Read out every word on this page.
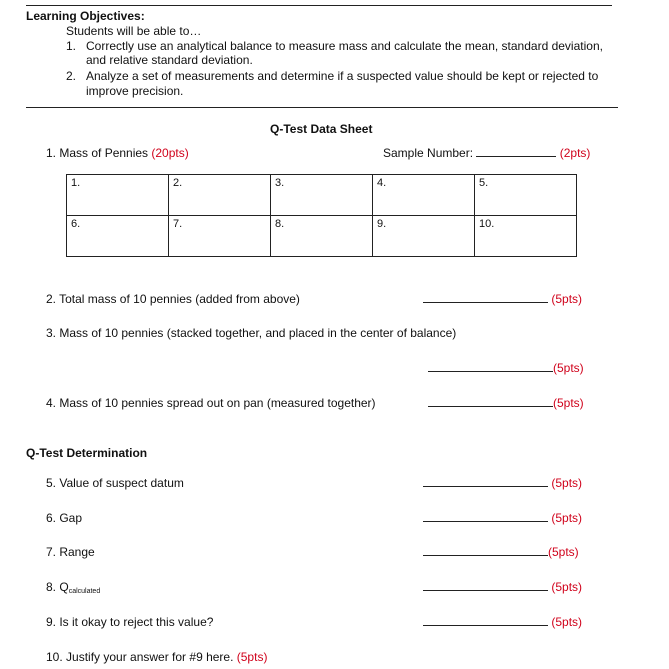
Learning Objectives:
Students will be able to…
1. Correctly use an analytical balance to measure mass and calculate the mean, standard deviation,
and relative standard deviation.
2. Analyze a set of measurements and determine if a suspected value should be kept or rejected to
improve precision.
Q-Test Data Sheet
1. Mass of Pennies (20pts)	Sample Number:	(2pts)
1.	2.	3.	4.	5.
6.	7.	8.	9.	10.
2. Total mass of 10 pennies (added from above)	(5pts)
3. Mass of 10 pennies (stacked together, and placed in the center of balance)
(5pts)
4. Mass of 10 pennies spread out on pan (measured together)	(5pts)
Q-Test Determination
5. Value of suspect datum	(5pts)
6. Gap	(5pts)
7. Range	(5pts)
8. $Q_{calculated}$	(5pts)
9. Is it okay to reject this value?	(5pts)
10. Justify your answer for #9 here. (5pts)
